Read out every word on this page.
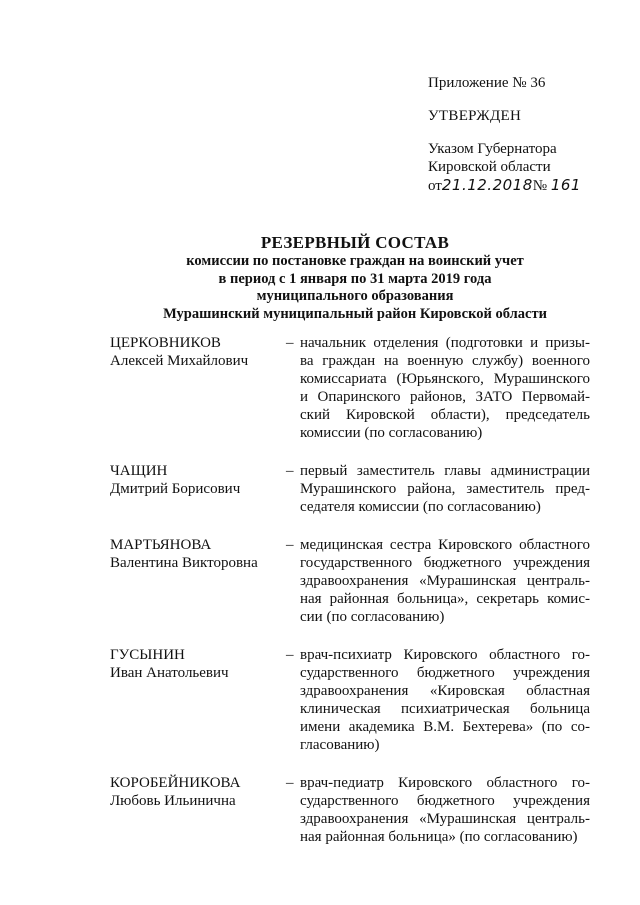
Приложение № 36
УТВЕРЖДЕН
Указом Губернатора
Кировской области
от21.12.2018№ 161
РЕЗЕРВНЫЙ СОСТАВ
комиссии по постановке граждан на воинский учет
в период с 1 января по 31 марта 2019 года
муниципального образования
Мурашинский муниципальный район Кировской области
ЦЕРКОВНИКОВ
Алексей Михайлович
– начальник отделения (подготовки и призы-
ва граждан на военную службу) военного
комиссариата (Юрьянского, Мурашинского
и Опаринского районов, ЗАТО Первомай-
ский Кировской области), председатель
комиссии (по согласованию)
ЧАЩИН
Дмитрий Борисович
– первый заместитель главы администрации
Мурашинского района, заместитель пред-
седателя комиссии (по согласованию)
МАРТЬЯНОВА
Валентина Викторовна
– медицинская сестра Кировского областного
государственного бюджетного учреждения
здравоохранения «Мурашинская централь-
ная районная больница», секретарь комис-
сии (по согласованию)
ГУСЫНИН
Иван Анатольевич
– врач-психиатр Кировского областного го-
сударственного бюджетного учреждения
здравоохранения «Кировская областная
клиническая психиатрическая больница
имени академика В.М. Бехтерева» (по со-
гласованию)
КОРОБЕЙНИКОВА
Любовь Ильинична
– врач-педиатр Кировского областного го-
сударственного бюджетного учреждения
здравоохранения «Мурашинская централь-
ная районная больница» (по согласованию)
